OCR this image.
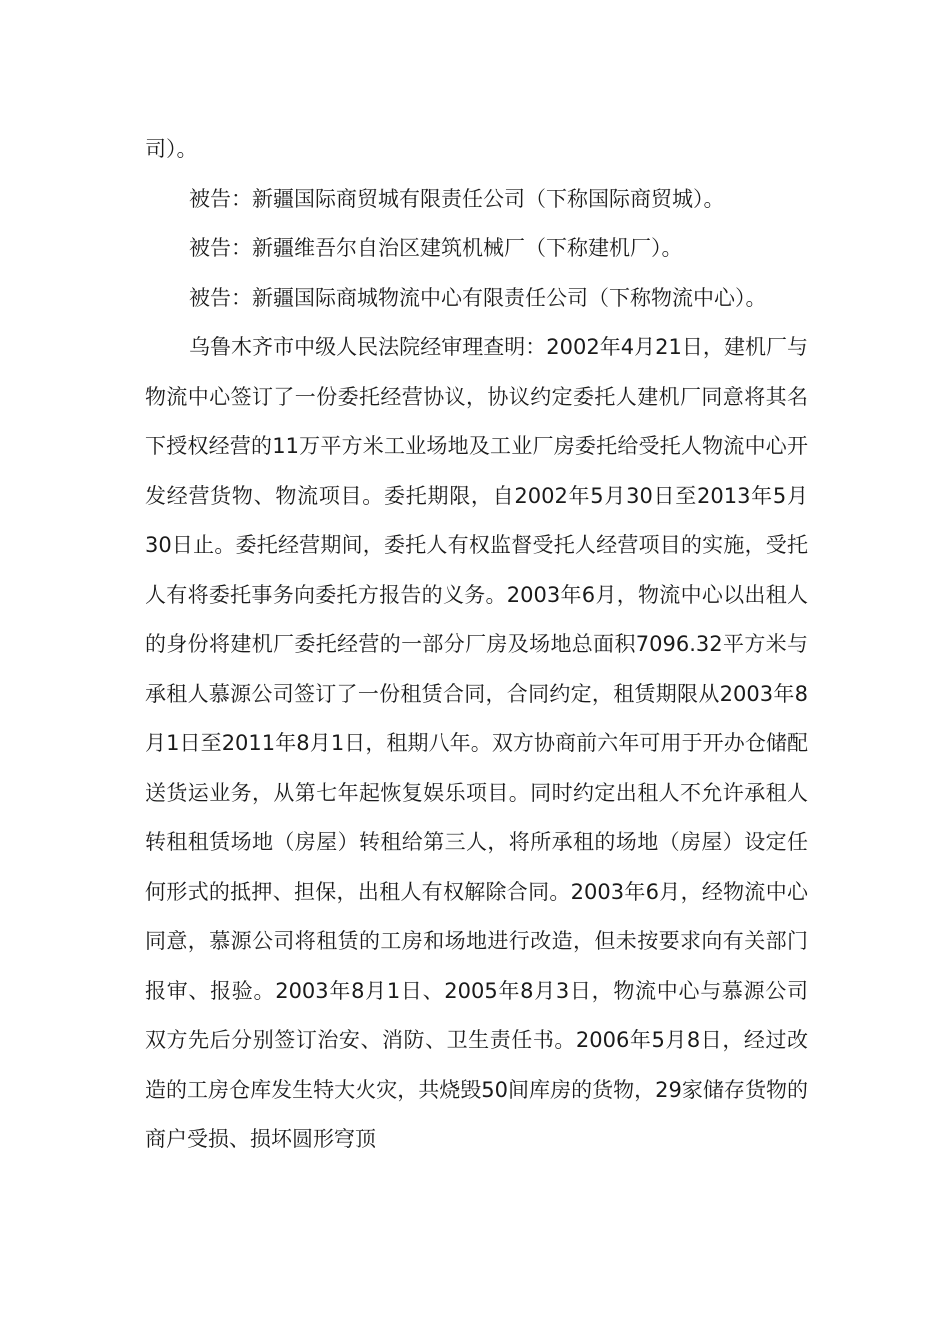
司）。

被告：新疆国际商贸城有限责任公司（下称国际商贸城）。

被告：新疆维吾尔自治区建筑机械厂（下称建机厂）。

被告：新疆国际商城物流中心有限责任公司（下称物流中心）。

乌鲁木齐市中级人民法院经审理查明：2002年4月21日，建机厂与物流中心签订了一份委托经营协议，协议约定委托人建机厂同意将其名下授权经营的11万平方米工业场地及工业厂房委托给受托人物流中心开发经营货物、物流项目。委托期限，自2002年5月30日至2013年5月30日止。委托经营期间，委托人有权监督受托人经营项目的实施，受托人有将委托事务向委托方报告的义务。2003年6月，物流中心以出租人的身份将建机厂委托经营的一部分厂房及场地总面积7096.32平方米与承租人慕源公司签订了一份租赁合同，合同约定，租赁期限从2003年8月1日至2011年8月1日，租期八年。双方协商前六年可用于开办仓储配送货运业务，从第七年起恢复娱乐项目。同时约定出租人不允许承租人转租租赁场地（房屋）转租给第三人，将所承租的场地（房屋）设定任何形式的抵押、担保，出租人有权解除合同。2003年6月，经物流中心同意，慕源公司将租赁的工房和场地进行改造，但未按要求向有关部门报审、报验。2003年8月1日、2005年8月3日，物流中心与慕源公司双方先后分别签订治安、消防、卫生责任书。2006年5月8日，经过改造的工房仓库发生特大火灾，共烧毁50间库房的货物，29家储存货物的商户受损、损坏圆形穹顶
